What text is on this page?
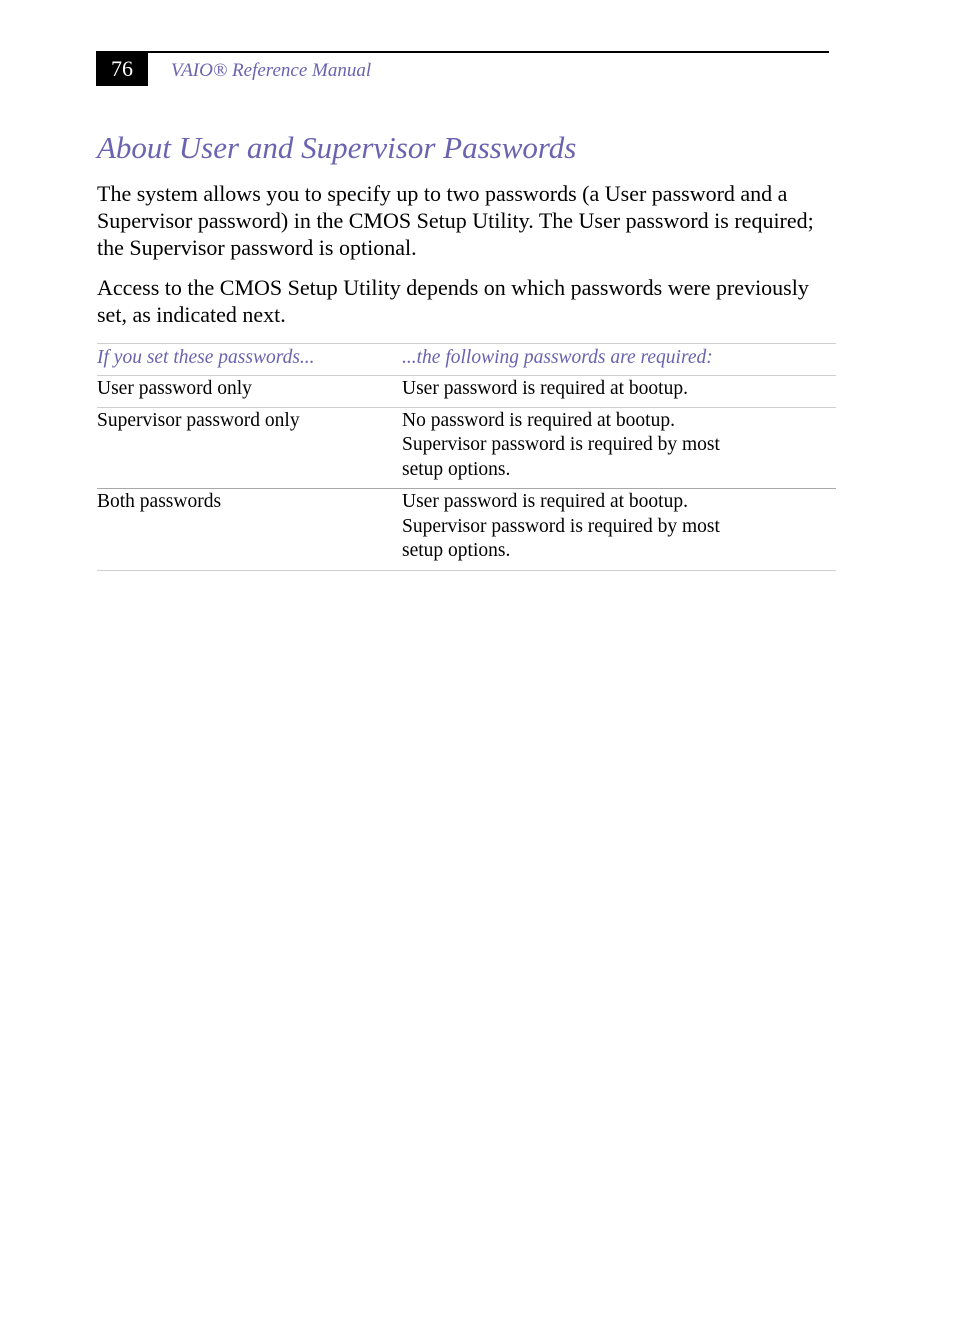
76	VAIO® Reference Manual
About User and Supervisor Passwords

The system allows you to specify up to two passwords (a User password and a Supervisor password) in the CMOS Setup Utility. The User password is required; the Supervisor password is optional.

Access to the CMOS Setup Utility depends on which passwords were previously set, as indicated next.

If you set these passwords...	...the following passwords are required:
User password only	User password is required at bootup.

Supervisor password only	No password is required at bootup.
Supervisor password is required by most
setup options.

Both passwords	User password is required at bootup.
Supervisor password is required by most
setup options.
